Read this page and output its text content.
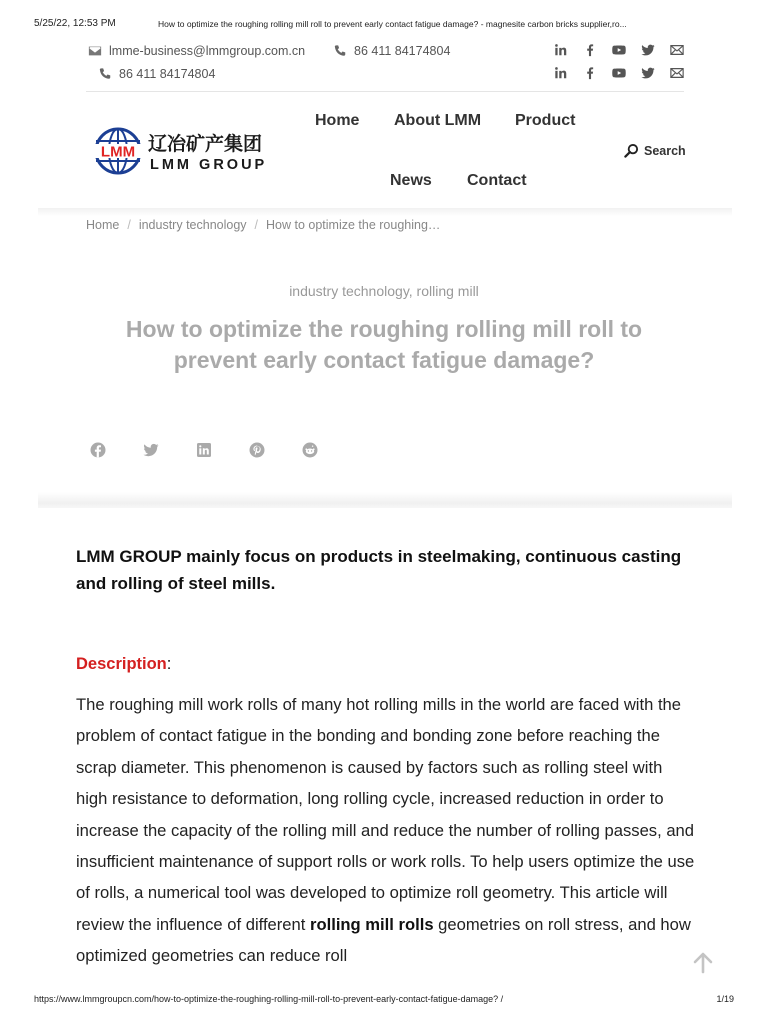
5/25/22, 12:53 PM	How to optimize the roughing rolling mill roll to prevent early contact fatigue damage? - magnesite carbon bricks supplier,ro...
lmme-business@lmmgroup.com.cn	86 411 84174804
86 411 84174804
LMM 辽冶矿产集团
LMM GROUP
Home About LMM Product
News Contact
Search
Home / industry technology / How to optimize the roughing…
industry technology, rolling mill
How to optimize the roughing rolling mill roll to prevent early contact fatigue damage?

LMM GROUP mainly focus on products in steelmaking, continuous casting and rolling of steel mills.

Description:

The roughing mill work rolls of many hot rolling mills in the world are faced with the problem of contact fatigue in the bonding and bonding zone before reaching the scrap diameter. This phenomenon is caused by factors such as rolling steel with high resistance to deformation, long rolling cycle, increased reduction in order to increase the capacity of the rolling mill and reduce the number of rolling passes, and insufficient maintenance of support rolls or work rolls. To help users optimize the use of rolls, a numerical tool was developed to optimize roll geometry. This article will review the influence of different rolling mill rolls geometries on roll stress, and how optimized geometries can reduce roll

https://www.lmmgroupcn.com/how-to-optimize-the-roughing-rolling-mill-roll-to-prevent-early-contact-fatigue-damage? /	1/19
